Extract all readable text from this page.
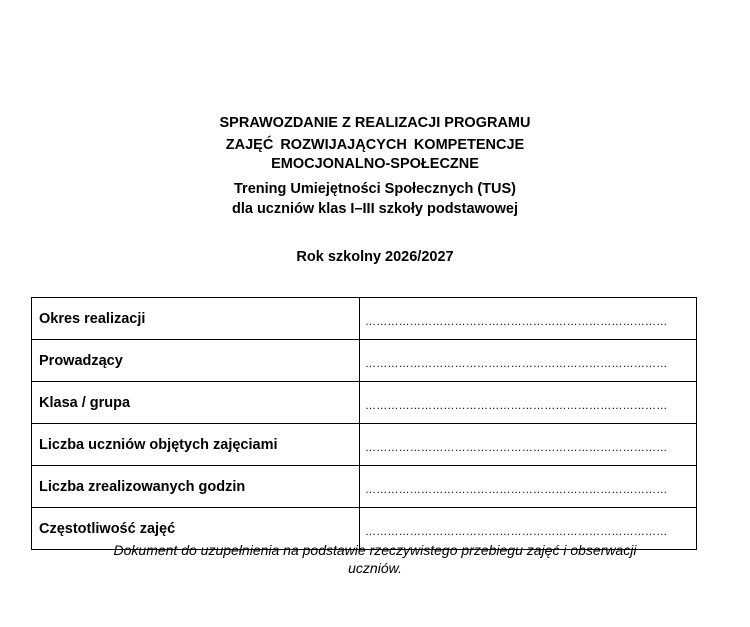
SPRAWOZDANIE Z REALIZACJI PROGRAMU
ZAJĘĆ ROZWIJAJĄCYCH KOMPETENCJE
EMOCJONALNO-SPOŁECZNE
Trening Umiejętności Społecznych (TUS)
dla uczniów klas I–III szkoły podstawowej
Rok szkolny 2026/2027
Okres realizacji	………………………………………………………………………
Prowadzący	………………………………………………………………………
Klasa / grupa	………………………………………………………………………
Liczba uczniów objętych zajęciami	………………………………………………………………………
Liczba zrealizowanych godzin	………………………………………………………………………
Częstotliwość zajęć	………………………………………………………………………
Dokument do uzupełnienia na podstawie rzeczywistego przebiegu zajęć i obserwacji
uczniów.
